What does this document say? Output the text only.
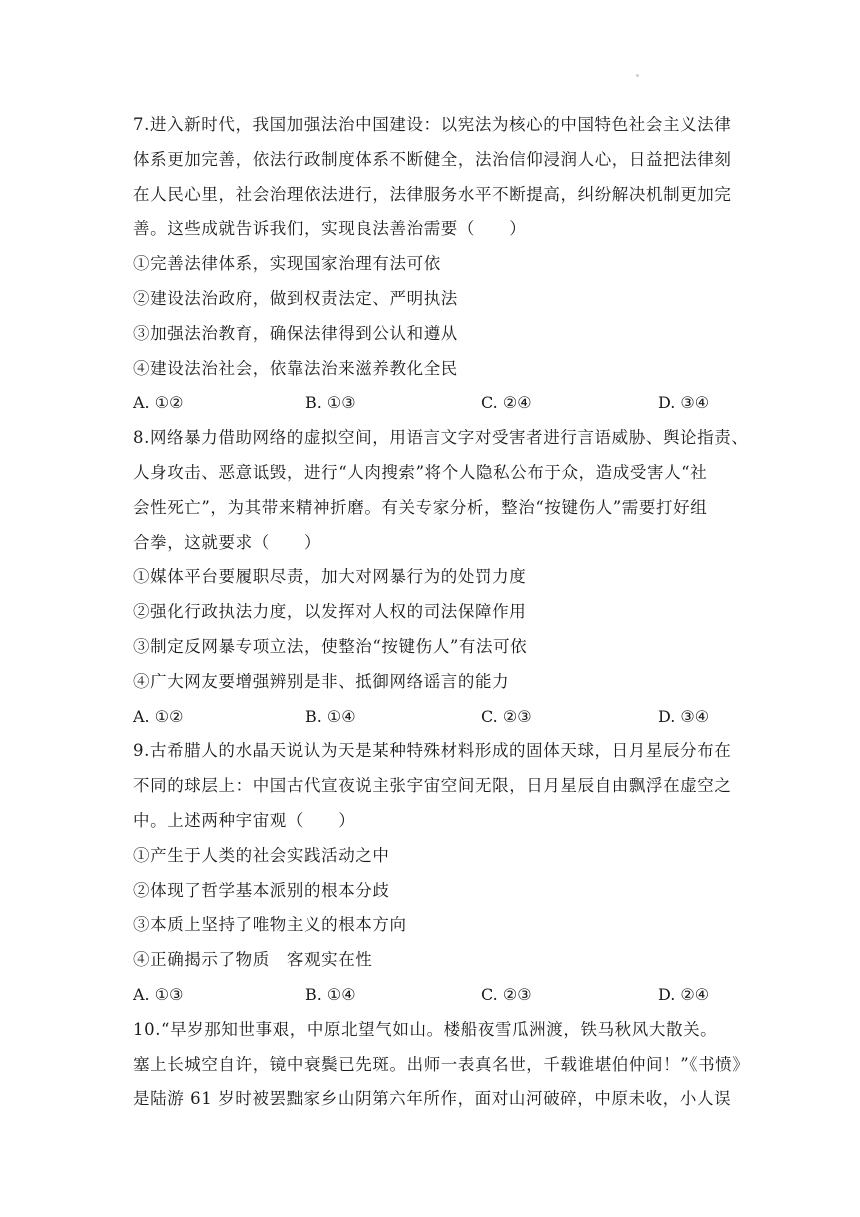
7.进入新时代，我国加强法治中国建设：以宪法为核心的中国特色社会主义法律
体系更加完善，依法行政制度体系不断健全，法治信仰浸润人心，日益把法律刻
在人民心里，社会治理依法进行，法律服务水平不断提高，纠纷解决机制更加完
善。这些成就告诉我们，实现良法善治需要（　　）
①完善法律体系，实现国家治理有法可依
②建设法治政府，做到权责法定、严明执法
③加强法治教育，确保法律得到公认和遵从
④建设法治社会，依靠法治来滋养教化全民
A. ①②	B. ①③	C. ②④	D. ③④
8.网络暴力借助网络的虚拟空间，用语言文字对受害者进行言语威胁、舆论指责、
人身攻击、恶意诋毁，进行“人肉搜索”将个人隐私公布于众，造成受害人“社
会性死亡”，为其带来精神折磨。有关专家分析，整治“按键伤人”需要打好组
合拳，这就要求（　　）
①媒体平台要履职尽责，加大对网暴行为的处罚力度
②强化行政执法力度，以发挥对人权的司法保障作用
③制定反网暴专项立法，使整治“按键伤人”有法可依
④广大网友要增强辨别是非、抵御网络谣言的能力
A. ①②	B. ①④	C. ②③	D. ③④
9.古希腊人的水晶天说认为天是某种特殊材料形成的固体天球，日月星辰分布在
不同的球层上：中国古代宣夜说主张宇宙空间无限，日月星辰自由飘浮在虚空之
中。上述两种宇宙观（　　）
①产生于人类的社会实践活动之中
②体现了哲学基本派别的根本分歧
③本质上坚持了唯物主义的根本方向
④正确揭示了物质　客观实在性
A. ①③	B. ①④	C. ②③	D. ②④
10.“早岁那知世事艰，中原北望气如山。楼船夜雪瓜洲渡，铁马秋风大散关。
塞上长城空自许，镜中衰鬓已先斑。出师一表真名世，千载谁堪伯仲间！”《书愤》
是陆游 61 岁时被罢黜家乡山阴第六年所作，面对山河破碎，中原未收，小人误
